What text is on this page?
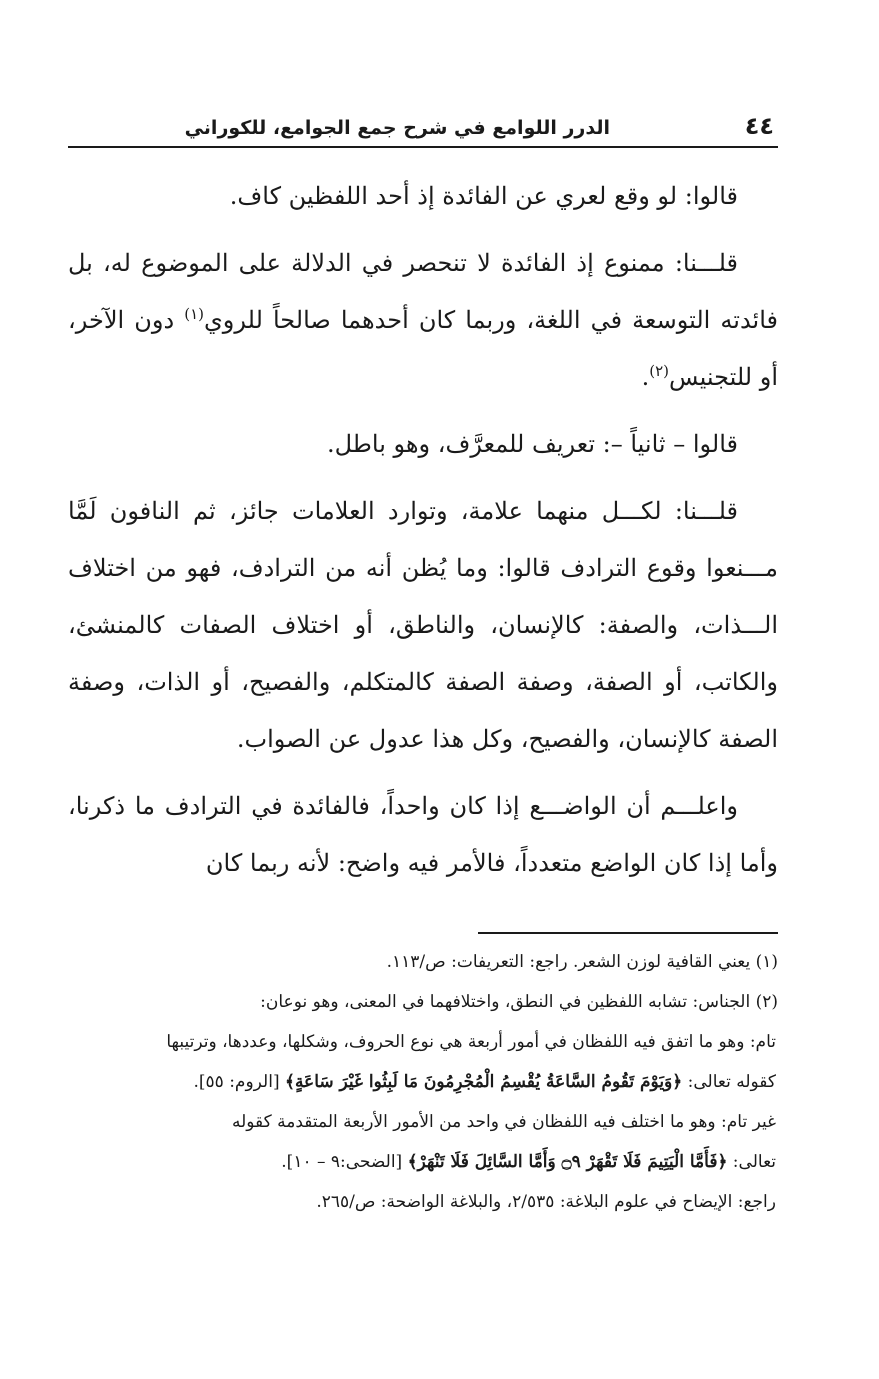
٤٤
الدرر اللوامع في شرح جمع الجوامع، للكوراني

قالوا: لو وقع لعري عن الفائدة إذ أحد اللفظين كاف.

قلـــنا: ممنوع إذ الفائدة لا تنحصر في الدلالة على الموضوع له، بل فائدته التوسعة في اللغة، وربما كان أحدهما صالحاً للروي$^{(١)}$ دون الآخر، أو للتجنيس$^{(٢)}$.

قالوا – ثانياً –: تعريف للمعرَّف، وهو باطل.

قلـــنا: لكـــل منهما علامة، وتوارد العلامات جائز، ثم النافون لَمَّا مـــنعوا وقوع الترادف قالوا: وما يُظن أنه من الترادف، فهو من اختلاف الـــذات، والصفة: كالإنسان، والناطق، أو اختلاف الصفات كالمنشئ، والكاتب، أو الصفة، وصفة الصفة كالمتكلم، والفصيح، أو الذات، وصفة الصفة كالإنسان، والفصيح، وكل هذا عدول عن الصواب.

واعلـــم أن الواضـــع إذا كان واحداً، فالفائدة في الترادف ما ذكرنا، وأما إذا كان الواضع متعدداً، فالأمر فيه واضح: لأنه ربما كان

(١) يعني القافية لوزن الشعر. راجع: التعريفات: ص/١١٣.

(٢) الجناس: تشابه اللفظين في النطق، واختلافهما في المعنى، وهو نوعان:

تام: وهو ما اتفق فيه اللفظان في أمور أربعة هي نوع الحروف، وشكلها، وعددها، وترتيبها

كقوله تعالى: ﴿وَيَوْمَ تَقُومُ السَّاعَةُ يُقْسِمُ الْمُجْرِمُونَ مَا لَبِثُوا غَيْرَ سَاعَةٍ﴾ [الروم: ٥٥].

غير تام: وهو ما اختلف فيه اللفظان في واحد من الأمور الأربعة المتقدمة كقوله

تعالى: ﴿فَأَمَّا الْيَتِيمَ فَلَا تَقْهَرْ ۝٩ وَأَمَّا السَّائِلَ فَلَا تَنْهَرْ﴾ [الضحى:٩ – ١٠].

راجع: الإيضاح في علوم البلاغة: ٢/٥٣٥، والبلاغة الواضحة: ص/٢٦٥.
